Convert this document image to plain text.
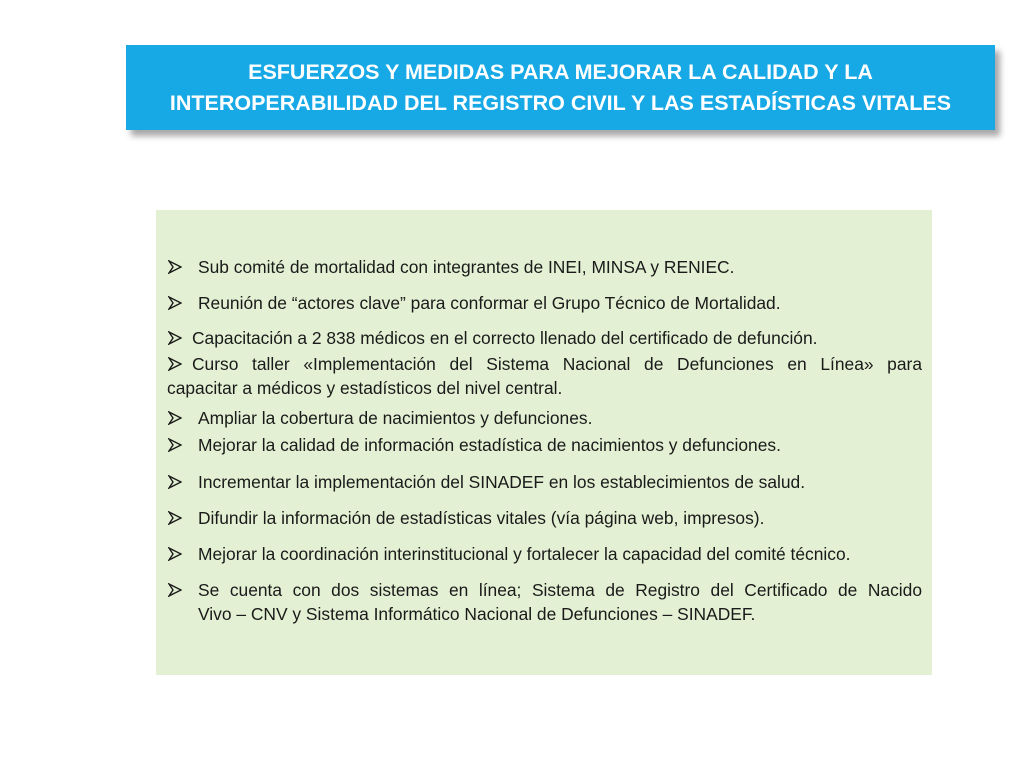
ESFUERZOS Y MEDIDAS PARA MEJORAR LA CALIDAD Y LA
INTEROPERABILIDAD DEL REGISTRO CIVIL Y LAS ESTADÍSTICAS VITALES
Sub comité de mortalidad con integrantes de INEI, MINSA y RENIEC.
Reunión de “actores clave” para conformar el Grupo Técnico de Mortalidad.
Capacitación a 2 838 médicos en el correcto llenado del certificado de defunción.
Curso taller «Implementación del Sistema Nacional de Defunciones en Línea» para
capacitar a médicos y estadísticos del nivel central.
Ampliar la cobertura de nacimientos y defunciones.
Mejorar la calidad de información estadística de nacimientos y defunciones.
Incrementar la implementación del SINADEF en los establecimientos de salud.
Difundir la información de estadísticas vitales (vía página web, impresos).
Mejorar la coordinación interinstitucional y fortalecer la capacidad del comité técnico.
Se cuenta con dos sistemas en línea; Sistema de Registro del Certificado de Nacido
Vivo – CNV y Sistema Informático Nacional de Defunciones – SINADEF.
